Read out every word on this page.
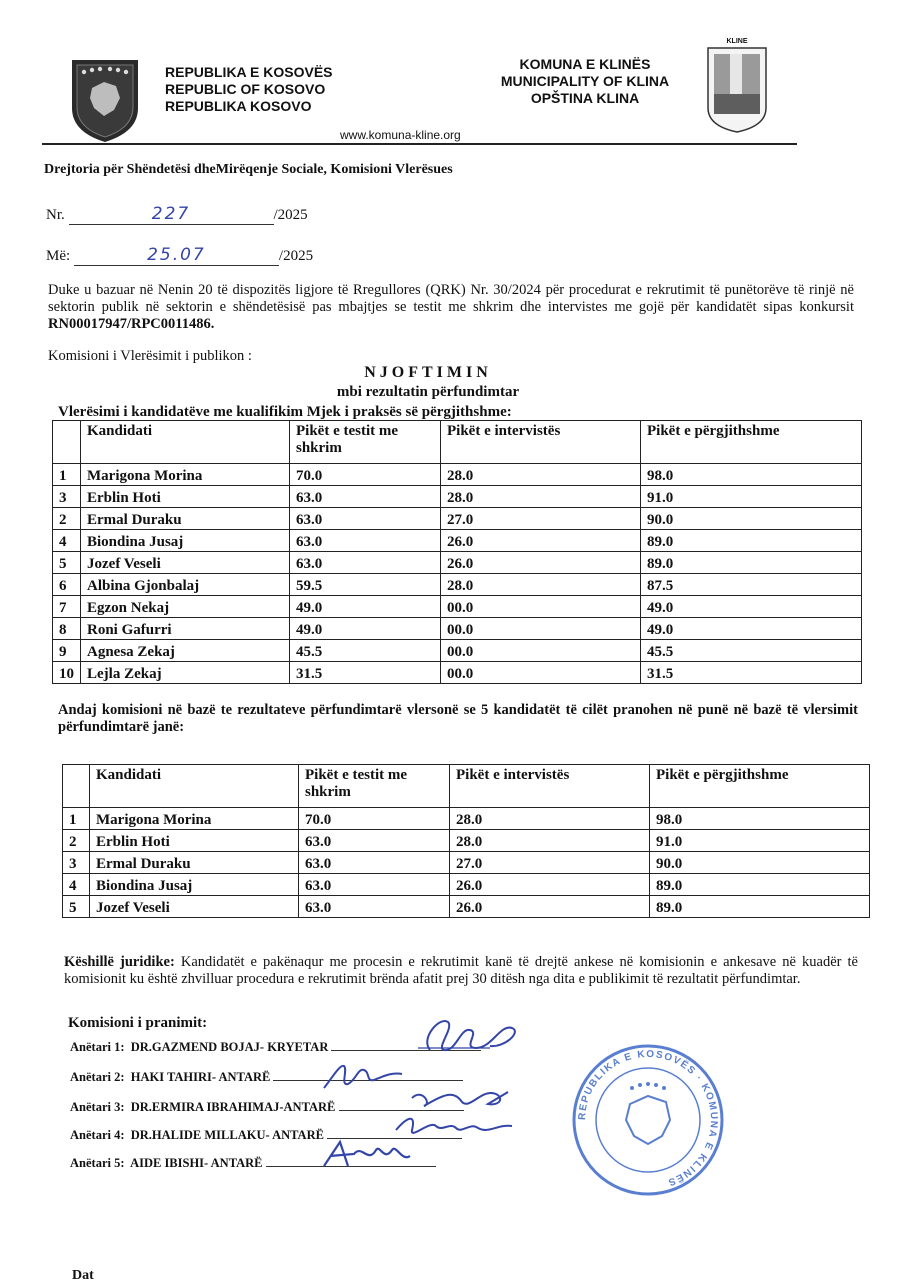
REPUBLIKA E KOSOVËS
REPUBLIC OF KOSOVO
REPUBLIKA KOSOVO
KOMUNA E KLINËS
MUNICIPALITY OF KLINA
OPŠTINA KLINA
KLINE
www.komuna-kline.org
Drejtoria për Shëndetësi dheMirëqenje Sociale, Komisioni Vlerësues
Nr.	227	/2025
Më:	25.07	/2025
Duke u bazuar në Nenin 20 të dispozitës ligjore të Rregullores (QRK) Nr. 30/2024 për procedurat e rekrutimit të punëtorëve të rinjë në sektorin publik në sektorin e shëndetësisë pas mbajtjes se testit me shkrim dhe intervistes me gojë për kandidatët sipas konkursit RN00017947/RPC0011486.
Komisioni i Vlerësimit i publikon :
NJOFTIMIN
mbi rezultatin përfundimtar
Vlerësimi i kandidatëve me kualifikim Mjek i praksës së përgjithshme:
	Kandidati	Pikët e testit me shkrim	Pikët e intervistës	Pikët e përgjithshme
1	Marigona Morina	70.0	28.0	98.0
3	Erblin Hoti	63.0	28.0	91.0
2	Ermal Duraku	63.0	27.0	90.0
4	Biondina Jusaj	63.0	26.0	89.0
5	Jozef Veseli	63.0	26.0	89.0
6	Albina Gjonbalaj	59.5	28.0	87.5
7	Egzon Nekaj	49.0	00.0	49.0
8	Roni Gafurri	49.0	00.0	49.0
9	Agnesa Zekaj	45.5	00.0	45.5
10	Lejla Zekaj	31.5	00.0	31.5
Andaj komisioni në bazë te rezultateve përfundimtarë vlersonë se 5 kandidatët të cilët pranohen në punë në bazë të vlersimit përfundimtarë janë:
	Kandidati	Pikët e testit me shkrim	Pikët e intervistës	Pikët e përgjithshme
1	Marigona Morina	70.0	28.0	98.0
2	Erblin Hoti	63.0	28.0	91.0
3	Ermal Duraku	63.0	27.0	90.0
4	Biondina Jusaj	63.0	26.0	89.0
5	Jozef Veseli	63.0	26.0	89.0
Këshillë juridike: Kandidatët e pakënaqur me procesin e rekrutimit kanë të drejtë ankese në komisionin e ankesave në kuadër të komisionit ku është zhvilluar procedura e rekrutimit brënda afatit prej 30 ditësh nga dita e publikimit të rezultatit përfundimtar.
Komisioni i pranimit:
Anëtari 1: DR.GAZMEND BOJAJ- KRYETAR
Anëtari 2: HAKI TAHIRI- ANTARË
Anëtari 3: DR.ERMIRA IBRAHIMAJ-ANTARË
Anëtari 4: DR.HALIDE MILLAKU- ANTARË
Anëtari 5: AIDE IBISHI- ANTARË
REPUBLIKA E KOSOVËS · KOMUNA E KLINËS
Dat
